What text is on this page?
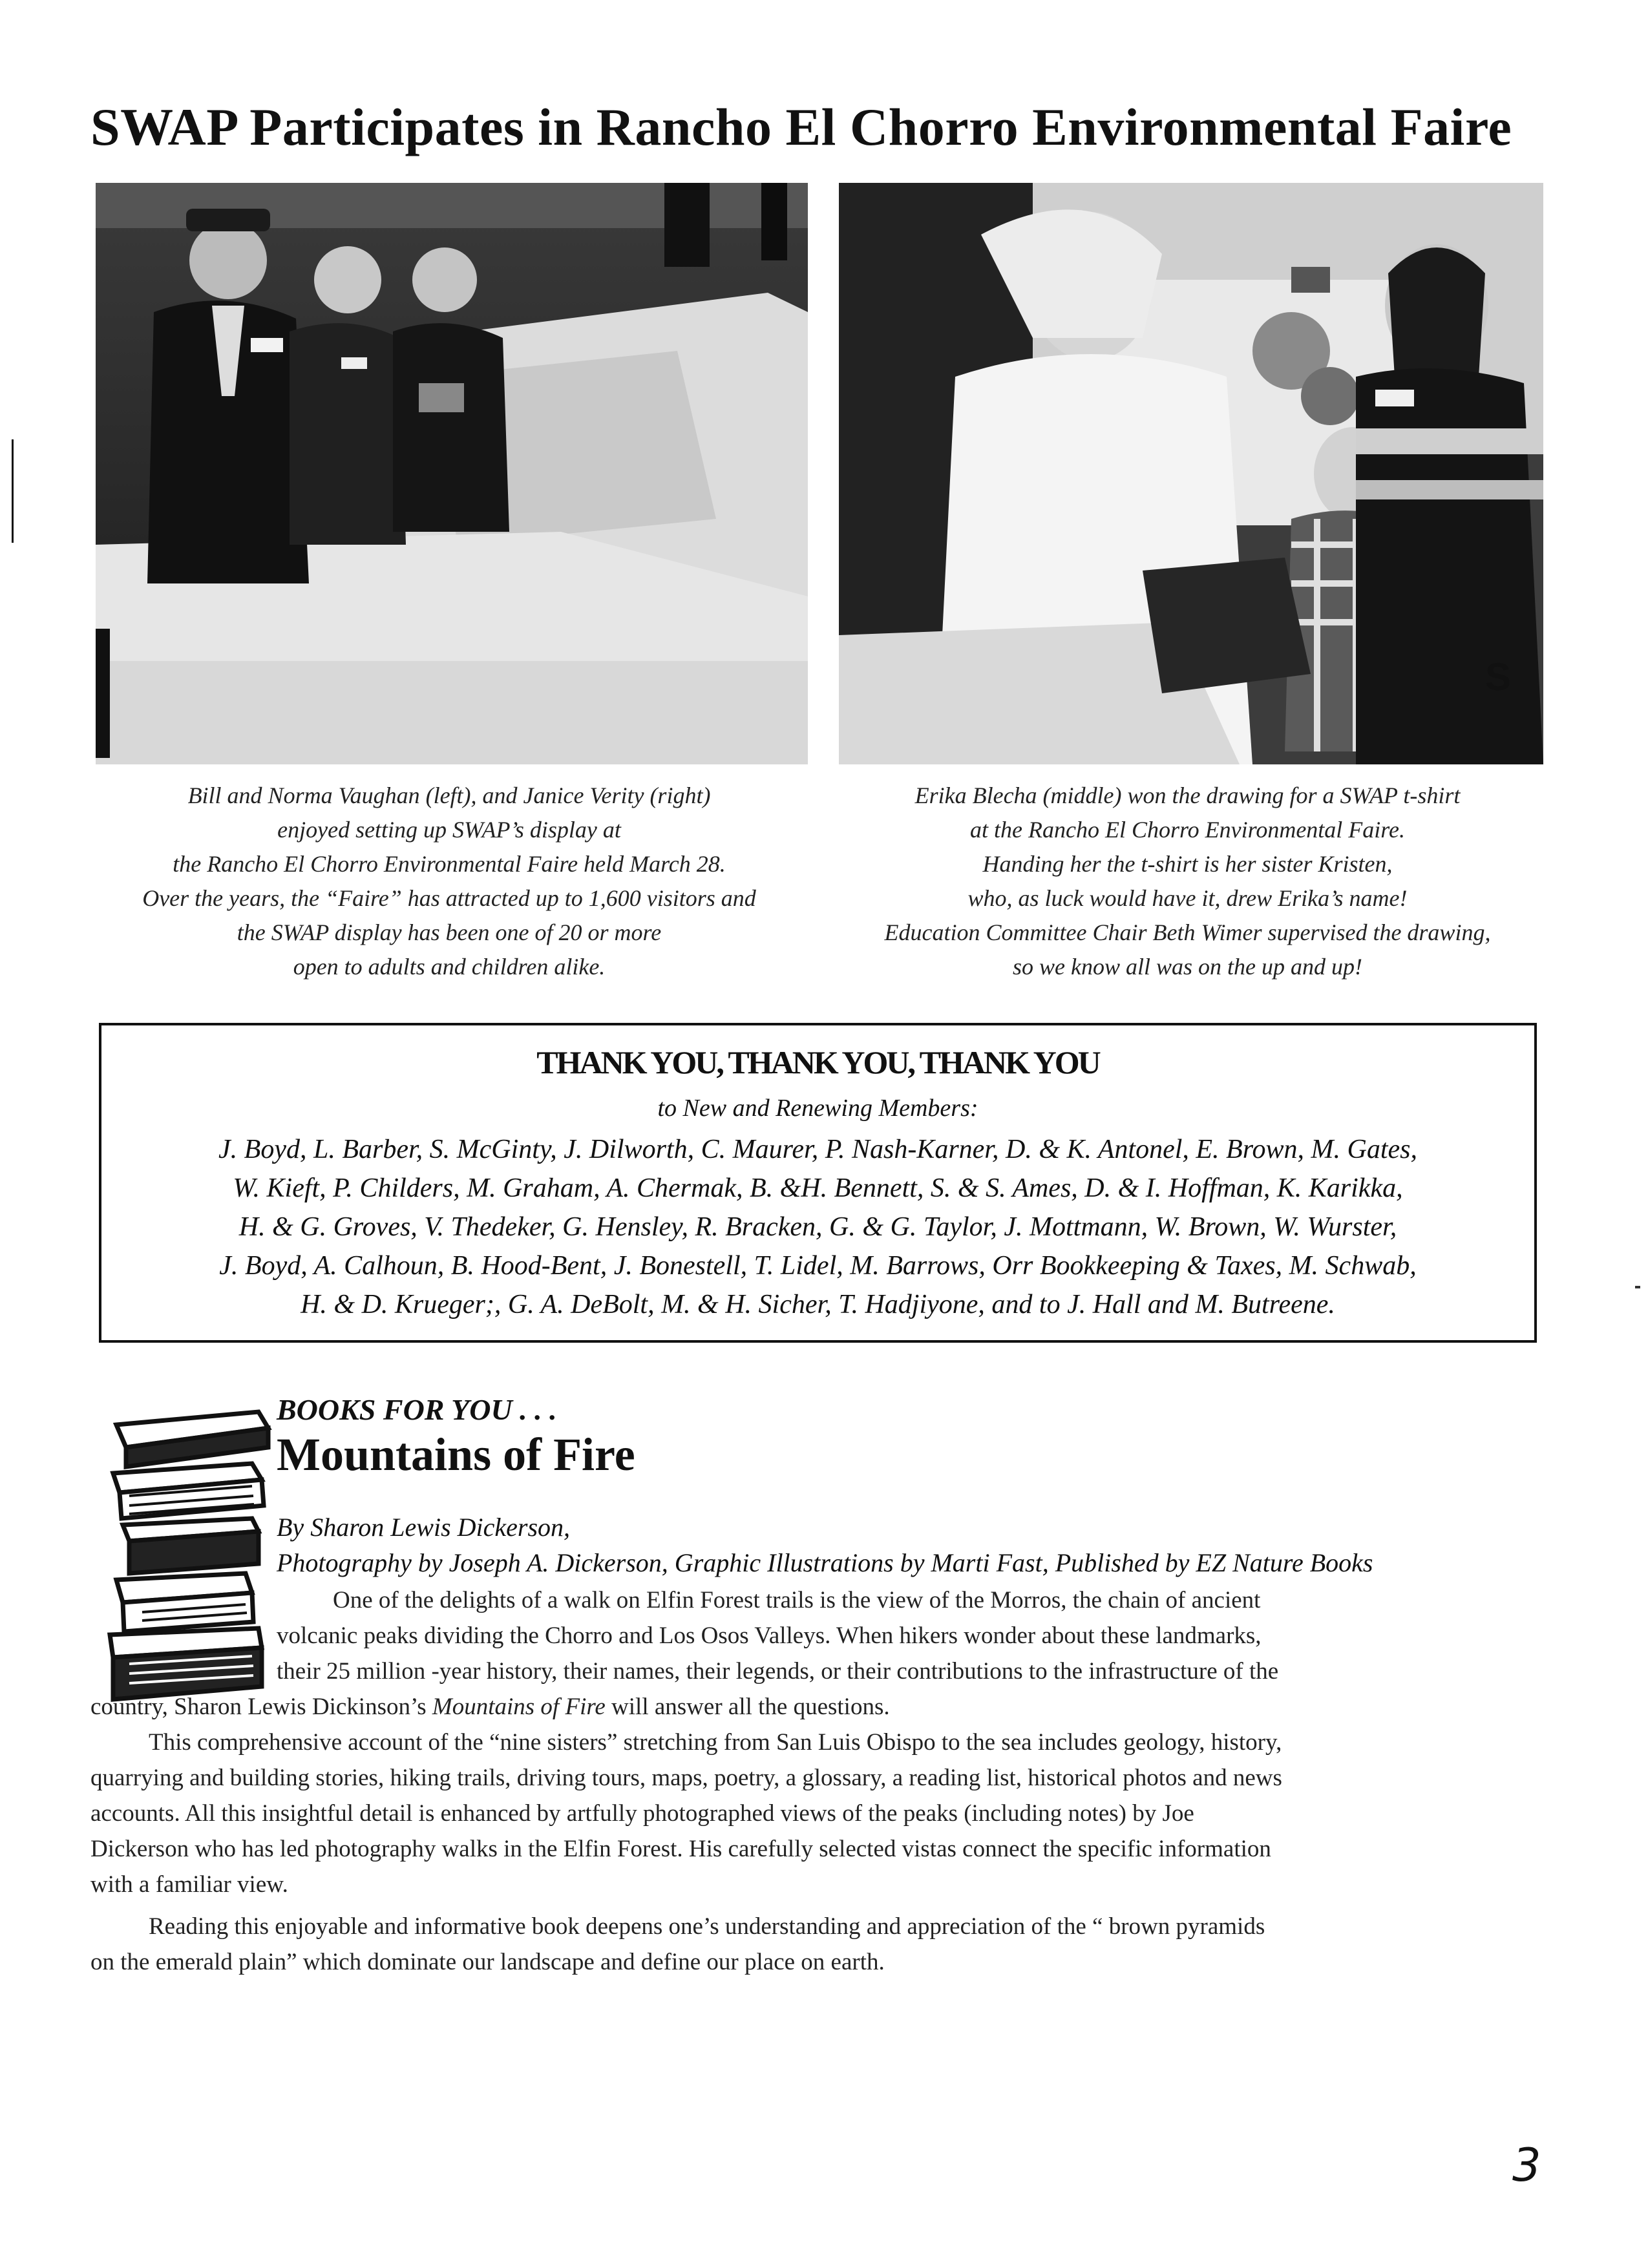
SWAP Participates in Rancho El Chorro Environmental Faire
S
Bill and Norma Vaughan (left), and Janice Verity (right)
enjoyed setting up SWAP’s display at
the Rancho El Chorro Environmental Faire held March 28.
Over the years, the “Faire” has attracted up to 1,600 visitors and
the SWAP display has been one of 20 or more
open to adults and children alike.
Erika Blecha (middle) won the drawing for a SWAP t-shirt
at the Rancho El Chorro Environmental Faire.
Handing her the t-shirt is her sister Kristen,
who, as luck would have it, drew Erika’s name!
Education Committee Chair Beth Wimer supervised the drawing,
so we know all was on the up and up!
THANK YOU, THANK YOU, THANK YOU
to New and Renewing Members:
J. Boyd, L. Barber, S. McGinty, J. Dilworth, C. Maurer, P. Nash-Karner, D. & K. Antonel, E. Brown, M. Gates,
W. Kieft, P. Childers, M. Graham, A. Chermak, B. &H. Bennett, S. & S. Ames, D. & I. Hoffman, K. Karikka,
H. & G. Groves, V. Thedeker, G. Hensley, R. Bracken, G. & G. Taylor, J. Mottmann, W. Brown, W. Wurster,
J. Boyd, A. Calhoun, B. Hood-Bent, J. Bonestell, T. Lidel, M. Barrows, Orr Bookkeeping & Taxes, M. Schwab,
H. & D. Krueger;, G. A. DeBolt, M. & H. Sicher, T. Hadjiyone, and to J. Hall and M. Butreene.
BOOKS FOR YOU . . .
Mountains of Fire
By Sharon Lewis Dickerson,
Photography by Joseph A. Dickerson, Graphic Illustrations by Marti Fast, Published by EZ Nature Books
One of the delights of a walk on Elfin Forest trails is the view of the Morros, the chain of ancient
volcanic peaks dividing the Chorro and Los Osos Valleys. When hikers wonder about these landmarks,
their 25 million -year history, their names, their legends, or their contributions to the infrastructure of the
country, Sharon Lewis Dickinson’s Mountains of Fire will answer all the questions.
This comprehensive account of the “nine sisters” stretching from San Luis Obispo to the sea includes geology, history,
quarrying and building stories, hiking trails, driving tours, maps, poetry, a glossary, a reading list, historical photos and news
accounts. All this insightful detail is enhanced by artfully photographed views of the peaks (including notes) by Joe
Dickerson who has led photography walks in the Elfin Forest. His carefully selected vistas connect the specific information
with a familiar view.
Reading this enjoyable and informative book deepens one’s understanding and appreciation of the “ brown pyramids
on the emerald plain” which dominate our landscape and define our place on earth.
3
